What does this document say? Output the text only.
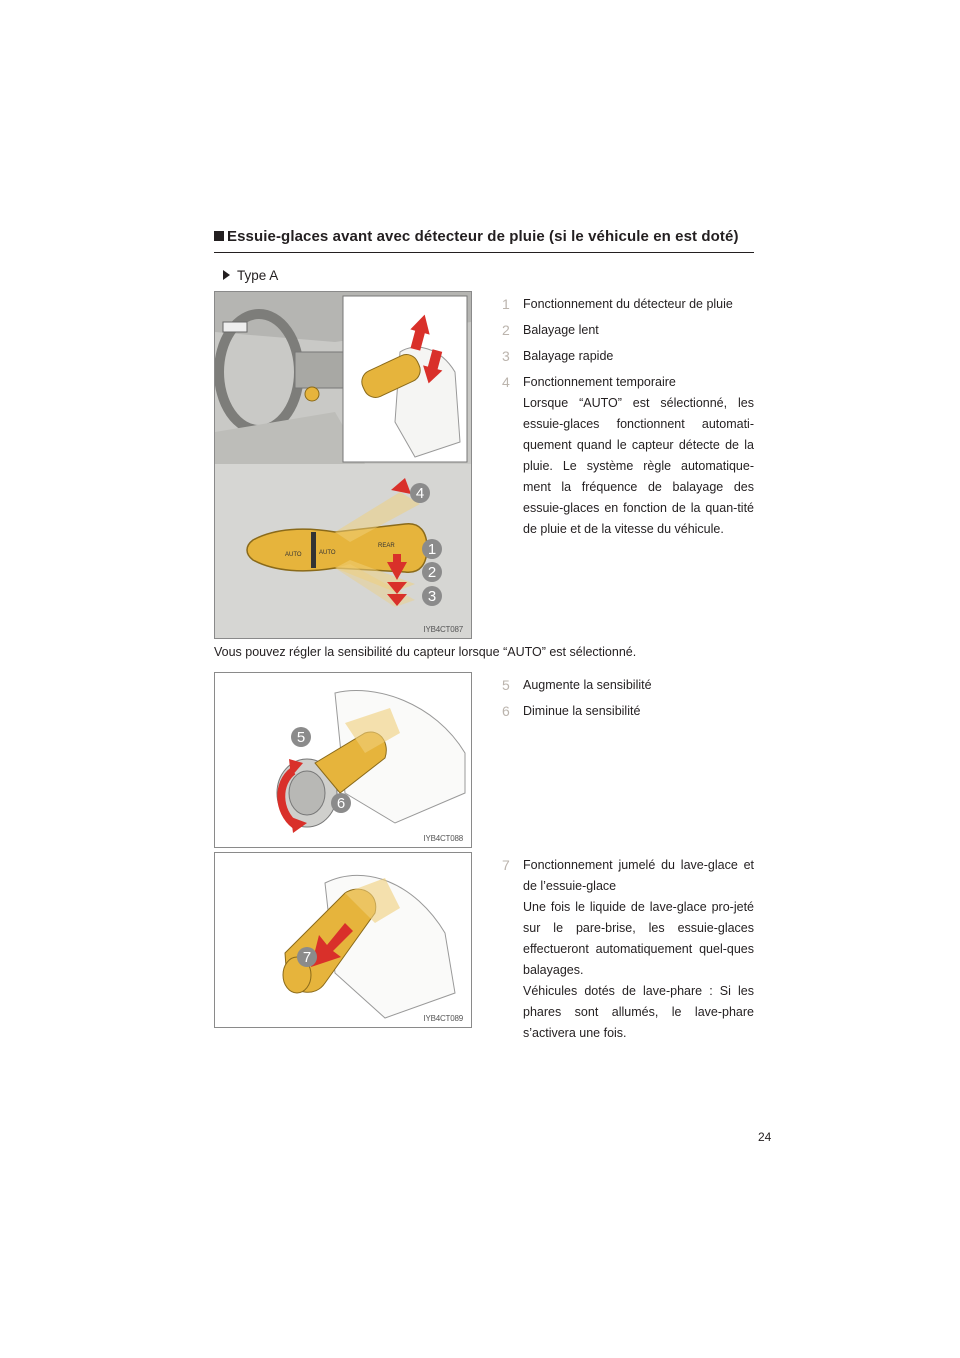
Essuie-glaces avant avec détecteur de pluie (si le véhicule en est doté)
Type A
AUTO	AUTO
REAR
4
1
2
3
IYB4CT087
1 Fonctionnement du détecteur de pluie
2 Balayage lent
3 Balayage rapide
4 Fonctionnement temporaire
Lorsque “AUTO” est sélectionné, les essuie-glaces fonctionnent automati-quement quand le capteur détecte de la pluie. Le système règle automatique-ment la fréquence de balayage des essuie-glaces en fonction de la quan-tité de pluie et de la vitesse du véhicule.
Vous pouvez régler la sensibilité du capteur lorsque “AUTO” est sélectionné.
5
6
IYB4CT088
5 Augmente la sensibilité
6 Diminue la sensibilité
7
IYB4CT089
7 Fonctionnement jumelé du lave-glace et de l’essuie-glace
Une fois le liquide de lave-glace pro-jeté sur le pare-brise, les essuie-glaces effectueront automatiquement quel-ques balayages.
Véhicules dotés de lave-phare : Si les phares sont allumés, le lave-phare s’activera une fois.
24
